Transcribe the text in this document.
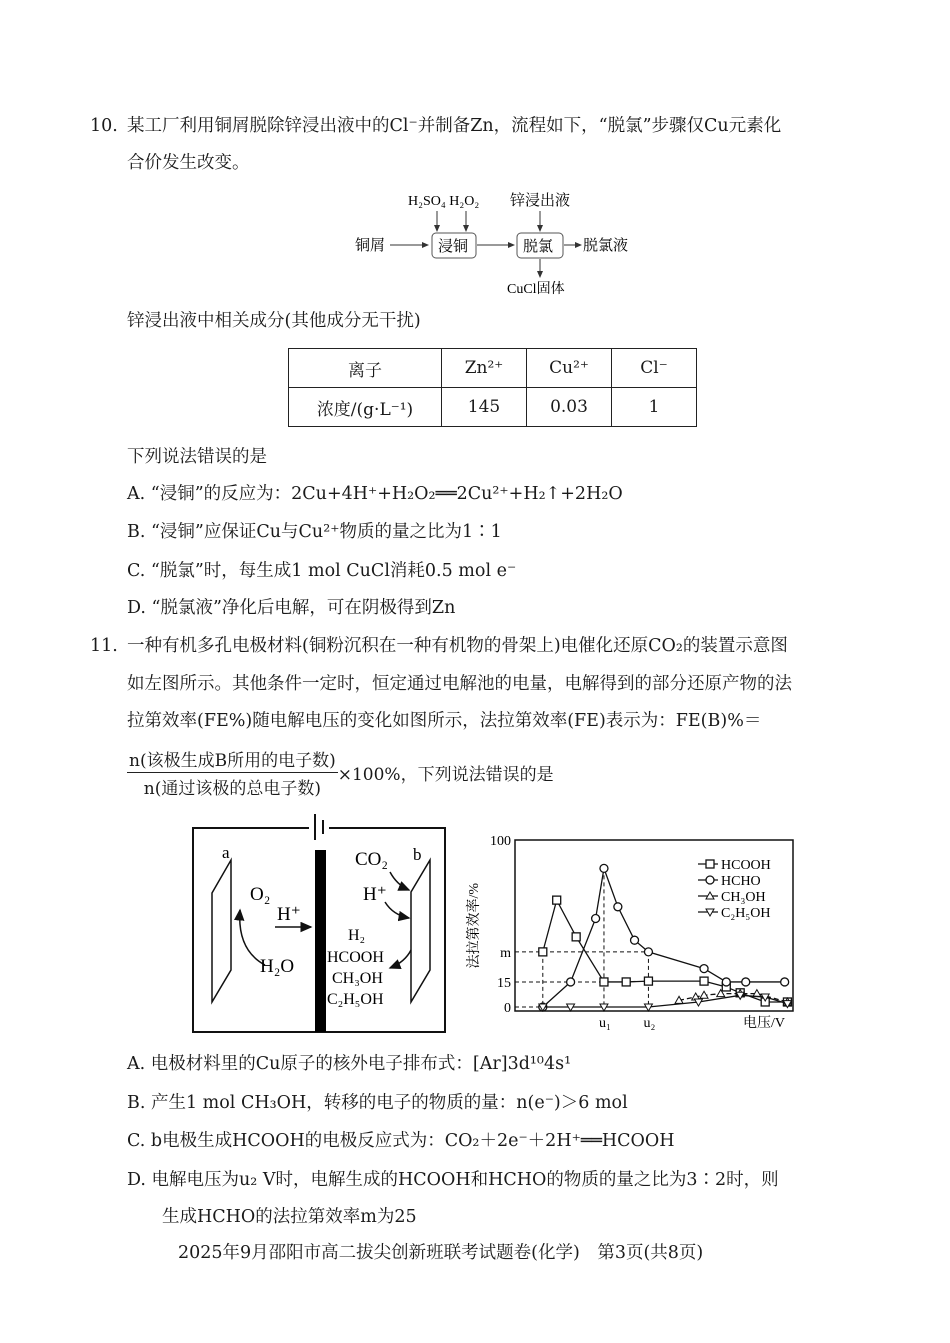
10. 某工厂利用铜屑脱除锌浸出液中的Cl⁻并制备Zn，流程如下，“脱氯”步骤仅Cu元素化
合价发生改变。
H₂SO₄ H₂O₂ 锌浸出液
铜屑	浸铜	脱氯 脱氯液
CuCl固体
锌浸出液中相关成分(其他成分无干扰)
离子	Zn²⁺	Cu²⁺	Cl⁻
浓度/(g·L⁻¹)	145	0.03	1
下列说法错误的是
A. “浸铜”的反应为：2Cu+4H⁺+H₂O₂══2Cu²⁺+H₂↑+2H₂O
B. “浸铜”应保证Cu与Cu²⁺物质的量之比为1∶1
C. “脱氯”时，每生成1 mol CuCl消耗0.5 mol e⁻
D. “脱氯液”净化后电解，可在阴极得到Zn
11. 一种有机多孔电极材料(铜粉沉积在一种有机物的骨架上)电催化还原CO₂的装置示意图
如左图所示。其他条件一定时，恒定通过电解池的电量，电解得到的部分还原产物的法
拉第效率(FE%)随电解电压的变化如图所示，法拉第效率(FE)表示为：FE(B)%＝
n(该极生成B所用的电子数)
n(通过该极的总电子数)
×100%，下列说法错误的是
a	b
O₂
H₂O
H⁺
CO₂
H⁺
H₂
HCOOH
CH₃OH
C₂H₅OH
100
m
15
0
u₁ u₂	电压/V
法拉第效率/%
HCOOH
HCHO
CH₃OH
C₂H₅OH
A. 电极材料里的Cu原子的核外电子排布式：[Ar]3d¹⁰4s¹
B. 产生1 mol CH₃OH，转移的电子的物质的量：n(e⁻)＞6 mol
C. b电极生成HCOOH的电极反应式为：CO₂＋2e⁻＋2H⁺══HCOOH
D. 电解电压为u₂ V时，电解生成的HCOOH和HCHO的物质的量之比为3∶2时，则
生成HCHO的法拉第效率m为25
2025年9月邵阳市高二拔尖创新班联考试题卷(化学)　第3页(共8页)
